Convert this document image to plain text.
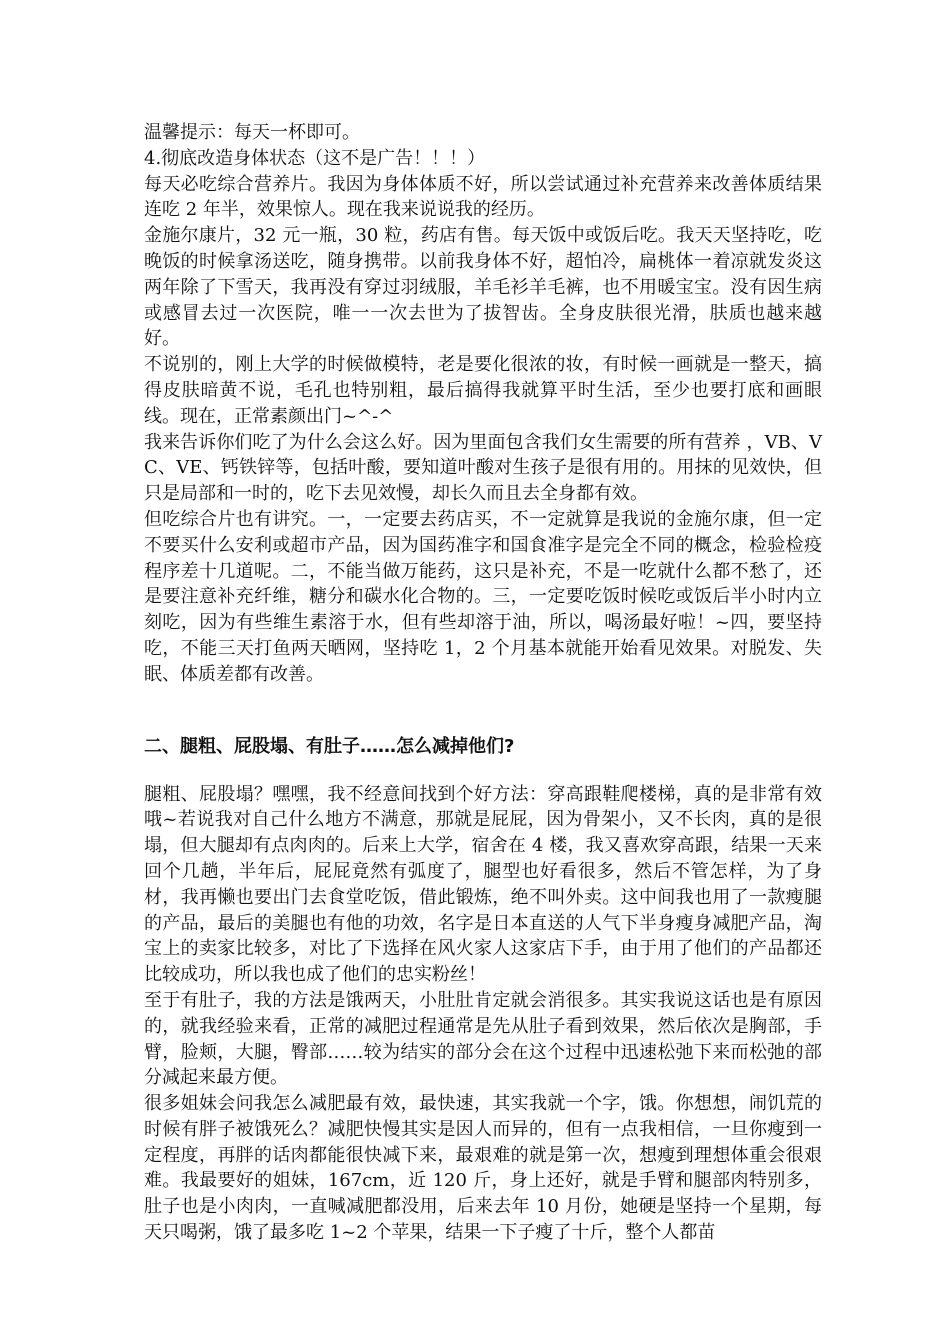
温馨提示：每天一杯即可。

4.彻底改造身体状态（这不是广告！！！）

每天必吃综合营养片。我因为身体体质不好，所以尝试通过补充营养来改善体质结果连吃 2 年半，效果惊人。现在我来说说我的经历。

金施尔康片，32 元一瓶，30 粒，药店有售。每天饭中或饭后吃。我天天坚持吃，吃晚饭的时候拿汤送吃，随身携带。以前我身体不好，超怕冷，扁桃体一着凉就发炎这两年除了下雪天，我再没有穿过羽绒服，羊毛衫羊毛裤，也不用暖宝宝。没有因生病或感冒去过一次医院，唯一一次去世为了拔智齿。全身皮肤很光滑，肤质也越来越好。

不说别的，刚上大学的时候做模特，老是要化很浓的妆，有时候一画就是一整天，搞得皮肤暗黄不说，毛孔也特别粗，最后搞得我就算平时生活，至少也要打底和画眼线。现在，正常素颜出门~^-^

我来告诉你们吃了为什么会这么好。因为里面包含我们女生需要的所有营养 ，VB、VC、VE、钙铁锌等，包括叶酸，要知道叶酸对生孩子是很有用的。用抹的见效快，但只是局部和一时的，吃下去见效慢，却长久而且去全身都有效。

但吃综合片也有讲究。一，一定要去药店买，不一定就算是我说的金施尔康，但一定不要买什么安利或超市产品，因为国药准字和国食准字是完全不同的概念，检验检疫程序差十几道呢。二，不能当做万能药，这只是补充，不是一吃就什么都不愁了，还是要注意补充纤维，糖分和碳水化合物的。三，一定要吃饭时候吃或饭后半小时内立刻吃，因为有些维生素溶于水，但有些却溶于油，所以，喝汤最好啦！~四，要坚持吃，不能三天打鱼两天晒网，坚持吃 1，2 个月基本就能开始看见效果。对脱发、失眠、体质差都有改善。

二、腿粗、屁股塌、有肚子……怎么减掉他们?

腿粗、屁股塌？嘿嘿，我不经意间找到个好方法：穿高跟鞋爬楼梯，真的是非常有效哦~若说我对自己什么地方不满意，那就是屁屁，因为骨架小，又不长肉，真的是很塌，但大腿却有点肉肉的。后来上大学，宿舍在 4 楼，我又喜欢穿高跟，结果一天来回个几趟，半年后，屁屁竟然有弧度了，腿型也好看很多，然后不管怎样，为了身材，我再懒也要出门去食堂吃饭，借此锻炼，绝不叫外卖。这中间我也用了一款瘦腿的产品，最后的美腿也有他的功效，名字是日本直送的人气下半身瘦身减肥产品，淘宝上的卖家比较多，对比了下选择在风火家人这家店下手，由于用了他们的产品都还比较成功，所以我也成了他们的忠实粉丝！

至于有肚子，我的方法是饿两天，小肚肚肯定就会消很多。其实我说这话也是有原因的，就我经验来看，正常的减肥过程通常是先从肚子看到效果，然后依次是胸部，手臂，脸颊，大腿，臀部……较为结实的部分会在这个过程中迅速松弛下来而松弛的部分减起来最方便。

很多姐妹会问我怎么减肥最有效，最快速，其实我就一个字，饿。你想想，闹饥荒的时候有胖子被饿死么？减肥快慢其实是因人而异的，但有一点我相信，一旦你瘦到一定程度，再胖的话肉都能很快减下来，最艰难的就是第一次，想瘦到理想体重会很艰难。我最要好的姐妹，167cm，近 120 斤，身上还好，就是手臂和腿部肉特别多，肚子也是小肉肉，一直喊减肥都没用，后来去年 10 月份，她硬是坚持一个星期，每天只喝粥，饿了最多吃 1~2 个苹果，结果一下子瘦了十斤，整个人都苗
